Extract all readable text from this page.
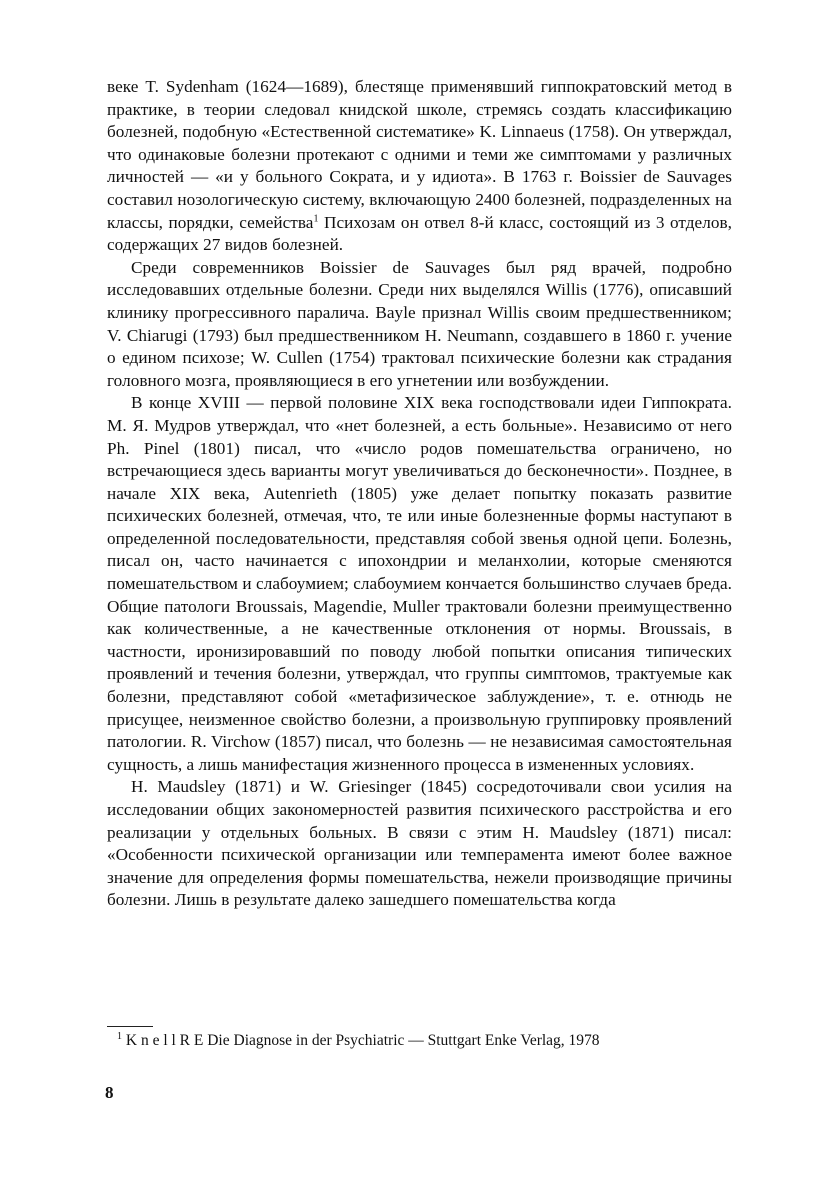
веке T. Sydenham (1624—1689), блестяще применявший гиппократовский метод в практике, в теории следовал книдской школе, стремясь создать классификацию болезней, подобную «Естественной систематике» K. Linnaeus (1758). Он утверждал, что одинаковые болезни протекают с одними и теми же симптомами у различных личностей — «и у больного Сократа, и у идиота». В 1763 г. Boissier de Sauvages составил нозологическую систему, включающую 2400 болезней, подразделенных на классы, порядки, семейства$^1$ Психозам он отвел 8-й класс, состоящий из 3 отделов, содержащих 27 видов болезней.

Среди современников Boissier de Sauvages был ряд врачей, подробно исследовавших отдельные болезни. Среди них выделялся Willis (1776), описавший клинику прогрессивного паралича. Bayle признал Willis своим предшественником; V. Chiarugi (1793) был предшественником H. Neumann, создавшего в 1860 г. учение о едином психозе; W. Cullen (1754) трактовал психические болезни как страдания головного мозга, проявляющиеся в его угнетении или возбуждении.

В конце XVIII — первой половине XIX века господствовали идеи Гиппократа. М. Я. Мудров утверждал, что «нет болезней, а есть больные». Независимо от него Ph. Pinel (1801) писал, что «число родов помешательства ограничено, но встречающиеся здесь варианты могут увеличиваться до бесконечности». Позднее, в начале XIX века, Autenrieth (1805) уже делает попытку показать развитие психических болезней, отмечая, что, те или иные болезненные формы наступают в определенной последовательности, представляя собой звенья одной цепи. Болезнь, писал он, часто начинается с ипохондрии и меланхолии, которые сменяются помешательством и слабоумием; слабоумием кончается большинство случаев бреда. Общие патологи Broussais, Magendie, Muller трактовали болезни преимущественно как количественные, а не качественные отклонения от нормы. Broussais, в частности, иронизировавший по поводу любой попытки описания типических проявлений и течения болезни, утверждал, что группы симптомов, трактуемые как болезни, представляют собой «метафизическое заблуждение», т. е. отнюдь не присущее, неизменное свойство болезни, а произвольную группировку проявлений патологии. R. Virchow (1857) писал, что болезнь — не независимая самостоятельная сущность, а лишь манифестация жизненного процесса в измененных условиях.

H. Maudsley (1871) и W. Griesinger (1845) сосредоточивали свои усилия на исследовании общих закономерностей развития психического расстройства и его реализации у отдельных больных. В связи с этим H. Maudsley (1871) писал: «Особенности психической организации или темперамента имеют более важное значение для определения формы помешательства, нежели производящие причины болезни. Лишь в результате далеко зашедшего помешательства когда

$^1$ K n e l l R E Die Diagnose in der Psychiatric — Stuttgart Enke Verlag, 1978
8
